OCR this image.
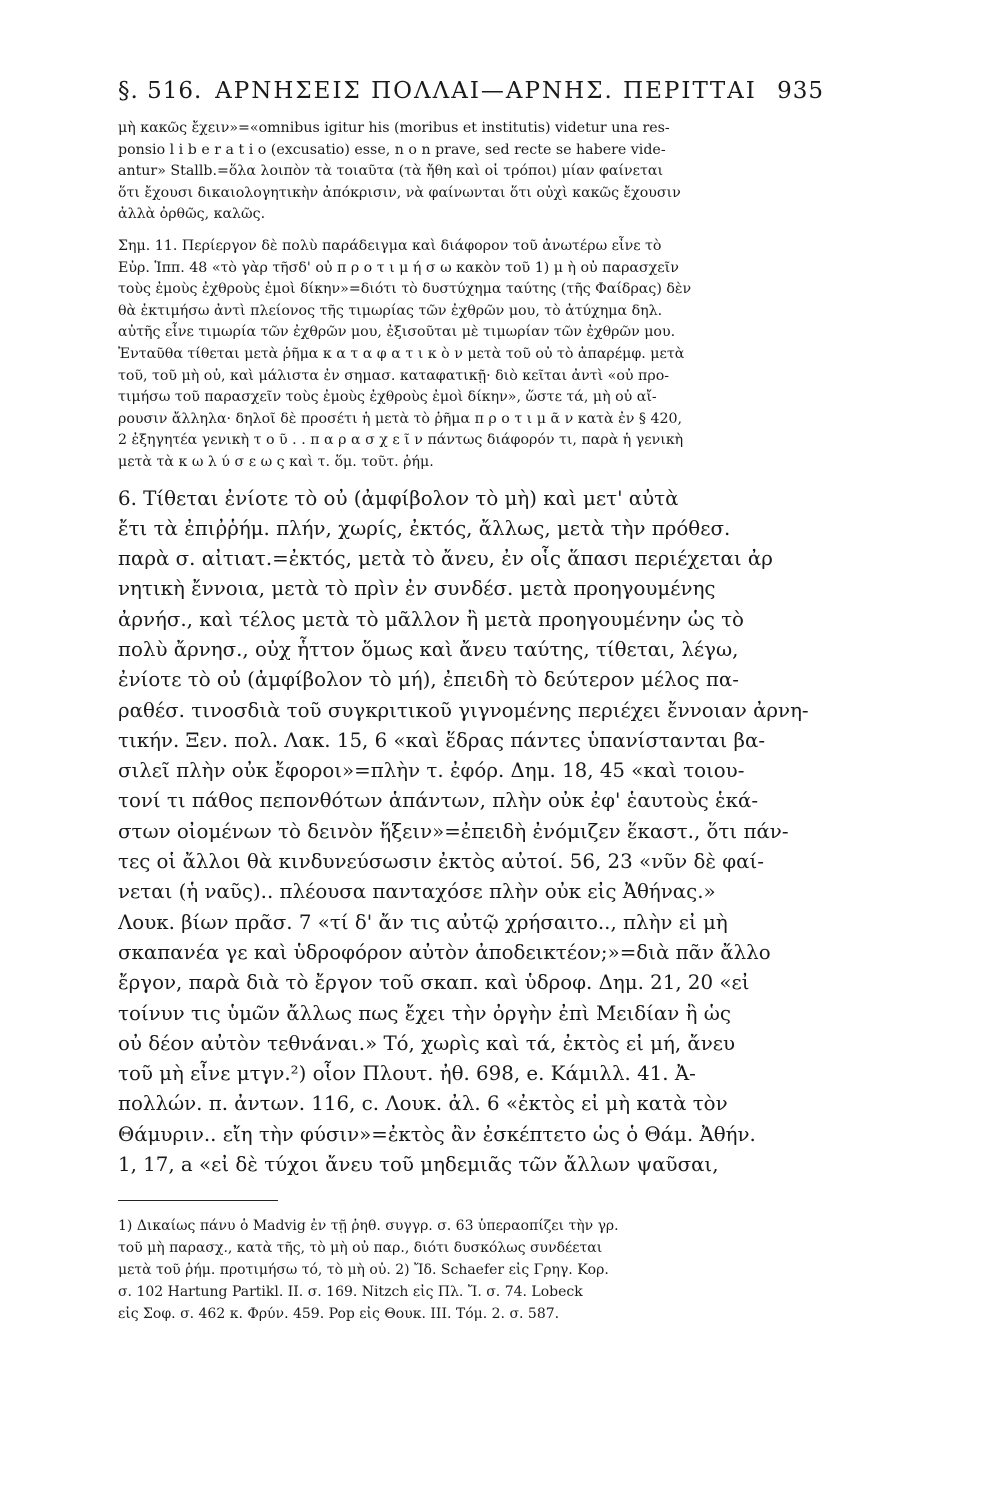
§. 516. ΑΡΝΗΣΕΙΣ ΠΟΛΛΑΙ—ΑΡΝΗΣ. ΠΕΡΙΤΤΑΙ 935
μὴ κακῶς ἔχειν»=«omnibus igitur his (moribus et institutis) videtur una res-
ponsio l i b e r a t i o (excusatio) esse, n o n prave, sed recte se habere vide-
antur» Stallb.=ὅλα λοιπὸν τὰ τοιαῦτα (τὰ ἤθη καὶ οἱ τρόποι) μίαν φαίνεται
ὅτι ἔχουσι δικαιολογητικὴν ἀπόκρισιν, νὰ φαίνωνται ὅτι οὐχὶ κακῶς ἔχουσιν
ἀλλὰ ὀρθῶς, καλῶς.
Σημ. 11. Περίεργον δὲ πολὺ παράδειγμα καὶ διάφορον τοῦ ἀνωτέρω εἶνε τὸ
Εὐρ. Ἱππ. 48 «τὸ γὰρ τῆσδ' οὐ π ρ ο τ ι μ ή σ ω κακὸν τοῦ 1) μ ὴ οὐ παρασχεῖν
τοὺς ἐμοὺς ἐχθροὺς ἐμοὶ δίκην»=διότι τὸ δυστύχημα ταύτης (τῆς Φαίδρας) δὲν
θὰ ἐκτιμήσω ἀντὶ πλείονος τῆς τιμωρίας τῶν ἐχθρῶν μου, τὸ ἀτύχημα δηλ.
αὐτῆς εἶνε τιμωρία τῶν ἐχθρῶν μου, ἐξισοῦται μὲ τιμωρίαν τῶν ἐχθρῶν μου.
Ἐνταῦθα τίθεται μετὰ ῥῆμα κ α τ α φ α τ ι κ ὸ ν μετὰ τοῦ οὐ τὸ ἀπαρέμφ. μετὰ
τοῦ, τοῦ μὴ οὐ, καὶ μάλιστα ἐν σημασ. καταφατικῇ· διὸ κεῖται ἀντὶ «οὐ προ-
τιμήσω τοῦ παρασχεῖν τοὺς ἐμοὺς ἐχθροὺς ἐμοὶ δίκην», ὥστε τά, μὴ οὐ αἴ-
ρουσιν ἄλληλα· δηλοῖ δὲ προσέτι ἡ μετὰ τὸ ῥῆμα π ρ ο τ ι μ ᾶ ν κατὰ ἐν § 420,
2 ἐξηγητέα γενικὴ τ ο ῦ . . π α ρ α σ χ ε ῖ ν πάντως διάφορόν τι, παρὰ ἡ γενικὴ
μετὰ τὰ κ ω λ ύ σ ε ω ς καὶ τ. ὅμ. τοῦτ. ῥήμ.
6. Τίθεται ἐνίοτε τὸ οὐ (ἀμφίβολον τὸ μὴ) καὶ μετ' αὐτὰ
ἔτι τὰ ἐπιῤῥήμ. πλήν, χωρίς, ἐκτός, ἄλλως, μετὰ τὴν πρόθεσ.
παρὰ σ. αἰτιατ.=ἐκτός, μετὰ τὸ ἄνευ, ἐν οἷς ἅπασι περιέχεται ἀρ
νητικὴ ἔννοια, μετὰ τὸ πρὶν ἐν συνδέσ. μετὰ προηγουμένης
ἀρνήσ., καὶ τέλος μετὰ τὸ μᾶλλον ἢ μετὰ προηγουμένην ὡς τὸ
πολὺ ἄρνησ., οὐχ ἧττον ὅμως καὶ ἄνευ ταύτης, τίθεται, λέγω,
ἐνίοτε τὸ οὐ (ἀμφίβολον τὸ μή), ἐπειδὴ τὸ δεύτερον μέλος πα-
ραθέσ. τινοσδιὰ τοῦ συγκριτικοῦ γιγνομένης περιέχει ἔννοιαν ἀρνη-
τικήν. Ξεν. πολ. Λακ. 15, 6 «καὶ ἕδρας πάντες ὑπανίστανται βα-
σιλεῖ πλὴν οὐκ ἔφοροι»=πλὴν τ. ἐφόρ. Δημ. 18, 45 «καὶ τοιου-
τονί τι πάθος πεπονθότων ἁπάντων, πλὴν οὐκ ἐφ' ἑαυτοὺς ἑκά-
στων οἰομένων τὸ δεινὸν ἥξειν»=ἐπειδὴ ἐνόμιζεν ἕκαστ., ὅτι πάν-
τες οἱ ἄλλοι θὰ κινδυνεύσωσιν ἐκτὸς αὐτοί. 56, 23 «νῦν δὲ φαί-
νεται (ἡ ναῦς).. πλέουσα πανταχόσε πλὴν οὐκ εἰς Ἀθήνας.»
Λουκ. βίων πρᾶσ. 7 «τί δ' ἄν τις αὐτῷ χρήσαιτο.., πλὴν εἰ μὴ
σκαπανέα γε καὶ ὑδροφόρον αὐτὸν ἀποδεικτέον;»=διὰ πᾶν ἄλλο
ἔργον, παρὰ διὰ τὸ ἔργον τοῦ σκαπ. καὶ ὑδροφ. Δημ. 21, 20 «εἰ
τοίνυν τις ὑμῶν ἄλλως πως ἔχει τὴν ὀργὴν ἐπὶ Μειδίαν ἢ ὡς
οὐ δέον αὐτὸν τεθνάναι.» Τό, χωρὶς καὶ τά, ἐκτὸς εἰ μή, ἄνευ
τοῦ μὴ εἶνε μτγν.²) οἷον Πλουτ. ἠθ. 698, e. Κάμιλλ. 41. Ἀ-
πολλών. π. ἀντων. 116, c. Λουκ. ἀλ. 6 «ἐκτὸς εἰ μὴ κατὰ τὸν
Θάμυριν.. εἴη τὴν φύσιν»=ἐκτὸς ἂν ἐσκέπτετο ὡς ὁ Θάμ. Ἀθήν.
1, 17, a «εἰ δὲ τύχοι ἄνευ τοῦ μηδεμιᾶς τῶν ἄλλων ψαῦσαι,
1) Δικαίως πάνυ ὁ Madvig ἐν τῇ ῥηθ. συγγρ. σ. 63 ὑπεραοπίζει τὴν γρ.
τοῦ μὴ παρασχ., κατὰ τῆς, τὸ μὴ οὐ παρ., διότι δυσκόλως συνδέεται
μετὰ τοῦ ῥήμ. προτιμήσω τό, τὸ μὴ οὐ. 2) Ἴδ. Schaefer εἰς Γρηγ. Κορ.
σ. 102 Hartung Partikl. II. σ. 169. Nitzch εἰς Πλ. Ἴ. σ. 74. Lobeck
εἰς Σοφ. σ. 462 κ. Φρύν. 459. Pop εἰς Θουκ. III. Τόμ. 2. σ. 587.
